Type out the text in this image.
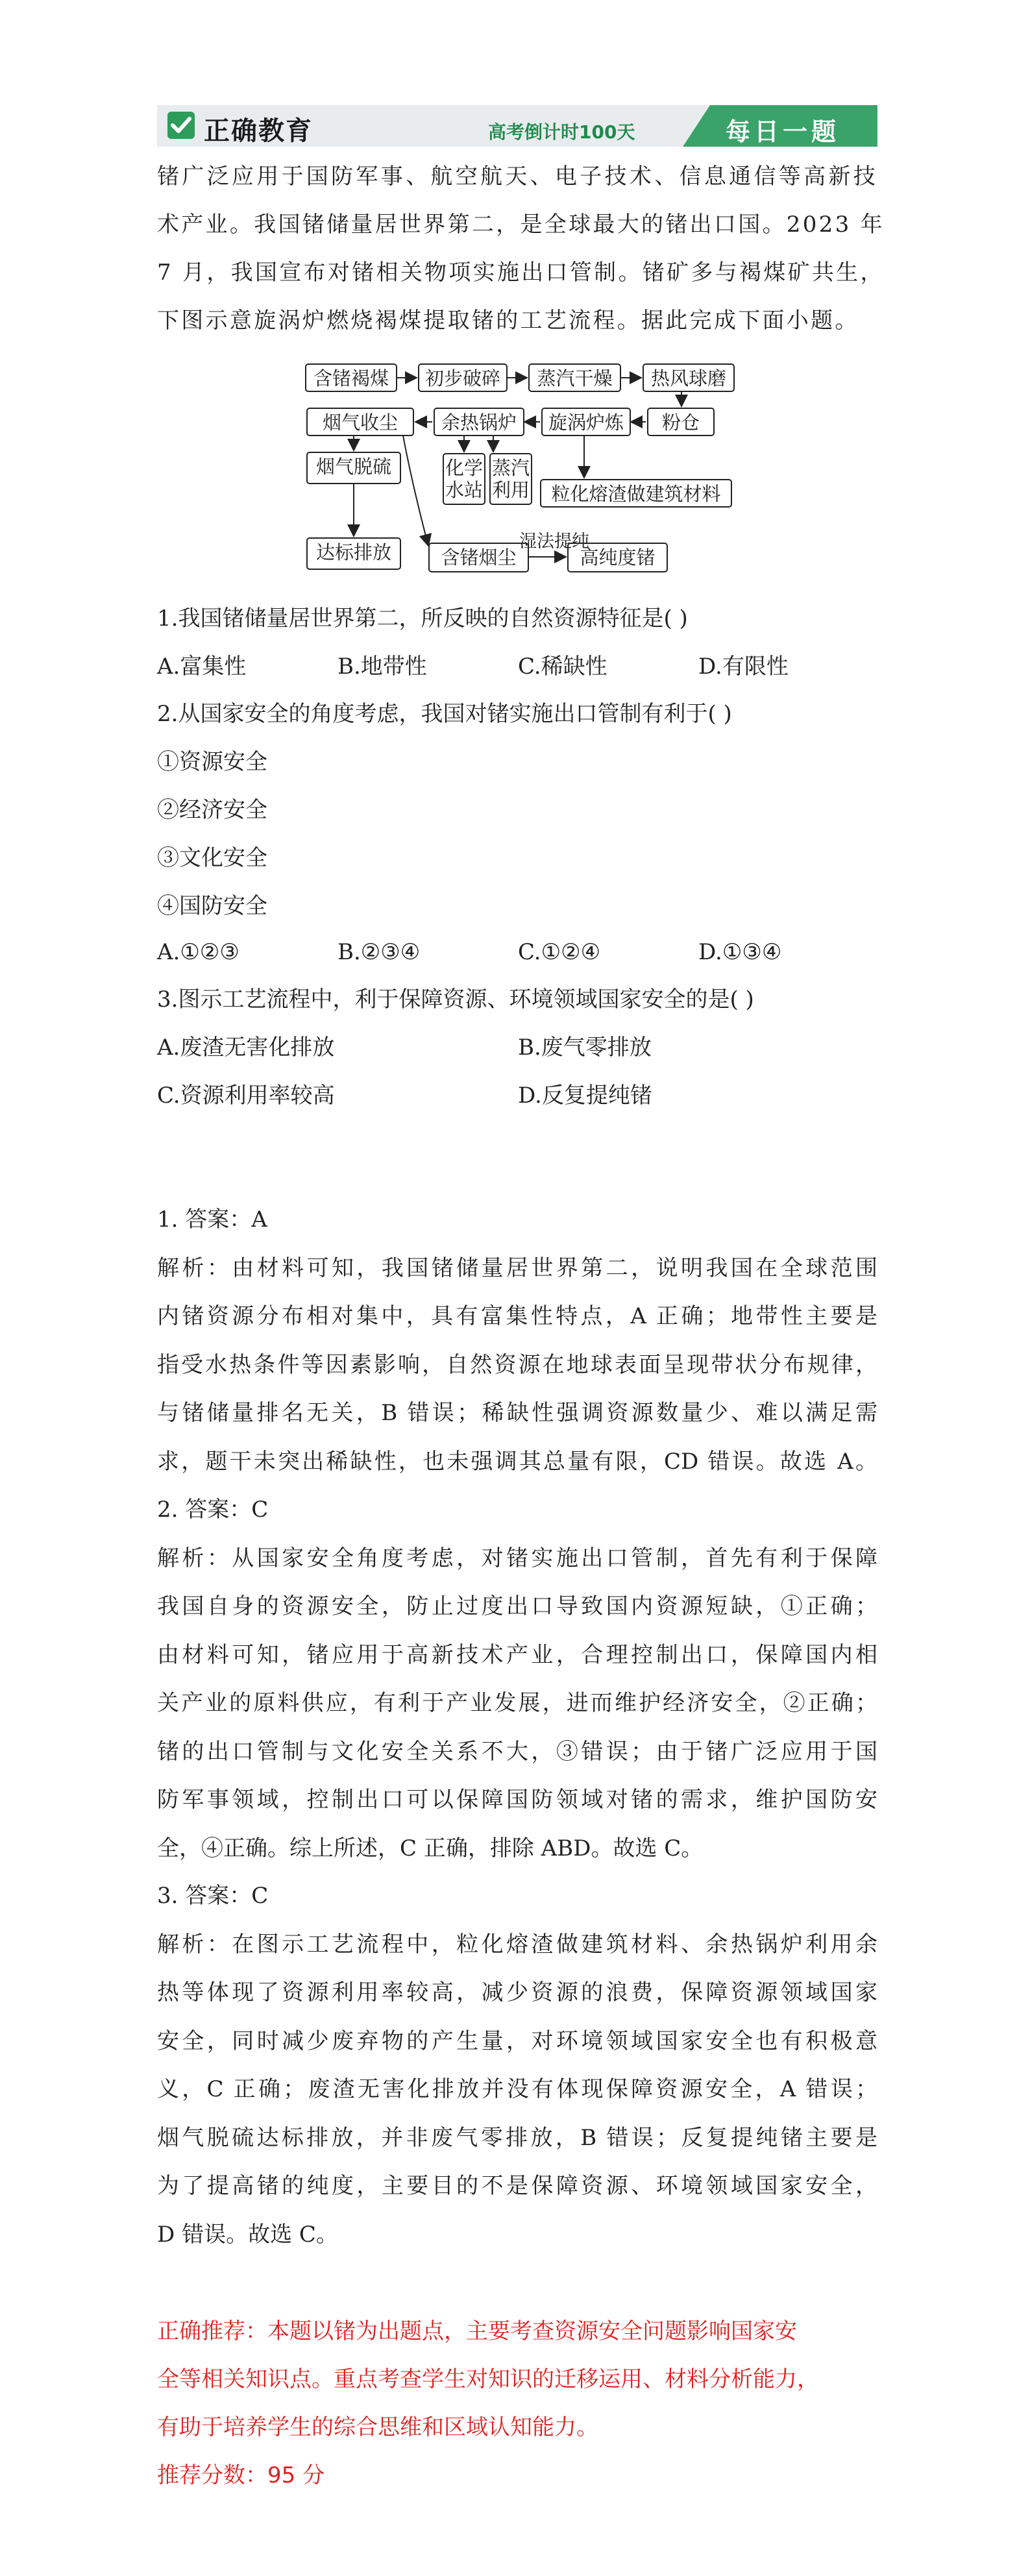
正确教育	高考倒计时100天	每日一题
锗广泛应用于国防军事、航空航天、电子技术、信息通信等高新技
术产业。我国锗储量居世界第二，是全球最大的锗出口国。2023 年
7 月，我国宣布对锗相关物项实施出口管制。锗矿多与褐煤矿共生，
下图示意旋涡炉燃烧褐煤提取锗的工艺流程。据此完成下面小题。
含锗褐煤	初步破碎	蒸汽干燥	热风球磨
烟气收尘	余热锅炉	旋涡炉炼	粉仓
化学
水站
蒸汽
利用
烟气脱硫
粒化熔渣做建筑材料
达标排放	含锗烟尘	高纯度锗
湿法提纯
1.我国锗储量居世界第二，所反映的自然资源特征是( )
A.富集性	B.地带性	C.稀缺性	D.有限性
2.从国家安全的角度考虑，我国对锗实施出口管制有利于( )
①资源安全
②经济安全
③文化安全
④国防安全
A.①②③	B.②③④	C.①②④	D.①③④
3.图示工艺流程中，利于保障资源、环境领域国家安全的是( )
A.废渣无害化排放	B.废气零排放
C.资源利用率较高	D.反复提纯锗
1. 答案：A
解析：由材料可知，我国锗储量居世界第二，说明我国在全球范围
内锗资源分布相对集中，具有富集性特点，A 正确；地带性主要是
指受水热条件等因素影响，自然资源在地球表面呈现带状分布规律，
与锗储量排名无关，B 错误；稀缺性强调资源数量少、难以满足需
求，题干未突出稀缺性，也未强调其总量有限，CD 错误。故选 A。
2. 答案：C
解析：从国家安全角度考虑，对锗实施出口管制，首先有利于保障
我国自身的资源安全，防止过度出口导致国内资源短缺，①正确；
由材料可知，锗应用于高新技术产业，合理控制出口，保障国内相
关产业的原料供应，有利于产业发展，进而维护经济安全，②正确；
锗的出口管制与文化安全关系不大，③错误；由于锗广泛应用于国
防军事领域，控制出口可以保障国防领域对锗的需求，维护国防安
全，④正确。综上所述，C 正确，排除 ABD。故选 C。
3. 答案：C
解析：在图示工艺流程中，粒化熔渣做建筑材料、余热锅炉利用余
热等体现了资源利用率较高，减少资源的浪费，保障资源领域国家
安全，同时减少废弃物的产生量，对环境领域国家安全也有积极意
义，C 正确；废渣无害化排放并没有体现保障资源安全，A 错误；
烟气脱硫达标排放，并非废气零排放，B 错误；反复提纯锗主要是
为了提高锗的纯度，主要目的不是保障资源、环境领域国家安全，
D 错误。故选 C。
正确推荐：本题以锗为出题点，主要考查资源安全问题影响国家安
全等相关知识点。重点考查学生对知识的迁移运用、材料分析能力，
有助于培养学生的综合思维和区域认知能力。
推荐分数：95 分
